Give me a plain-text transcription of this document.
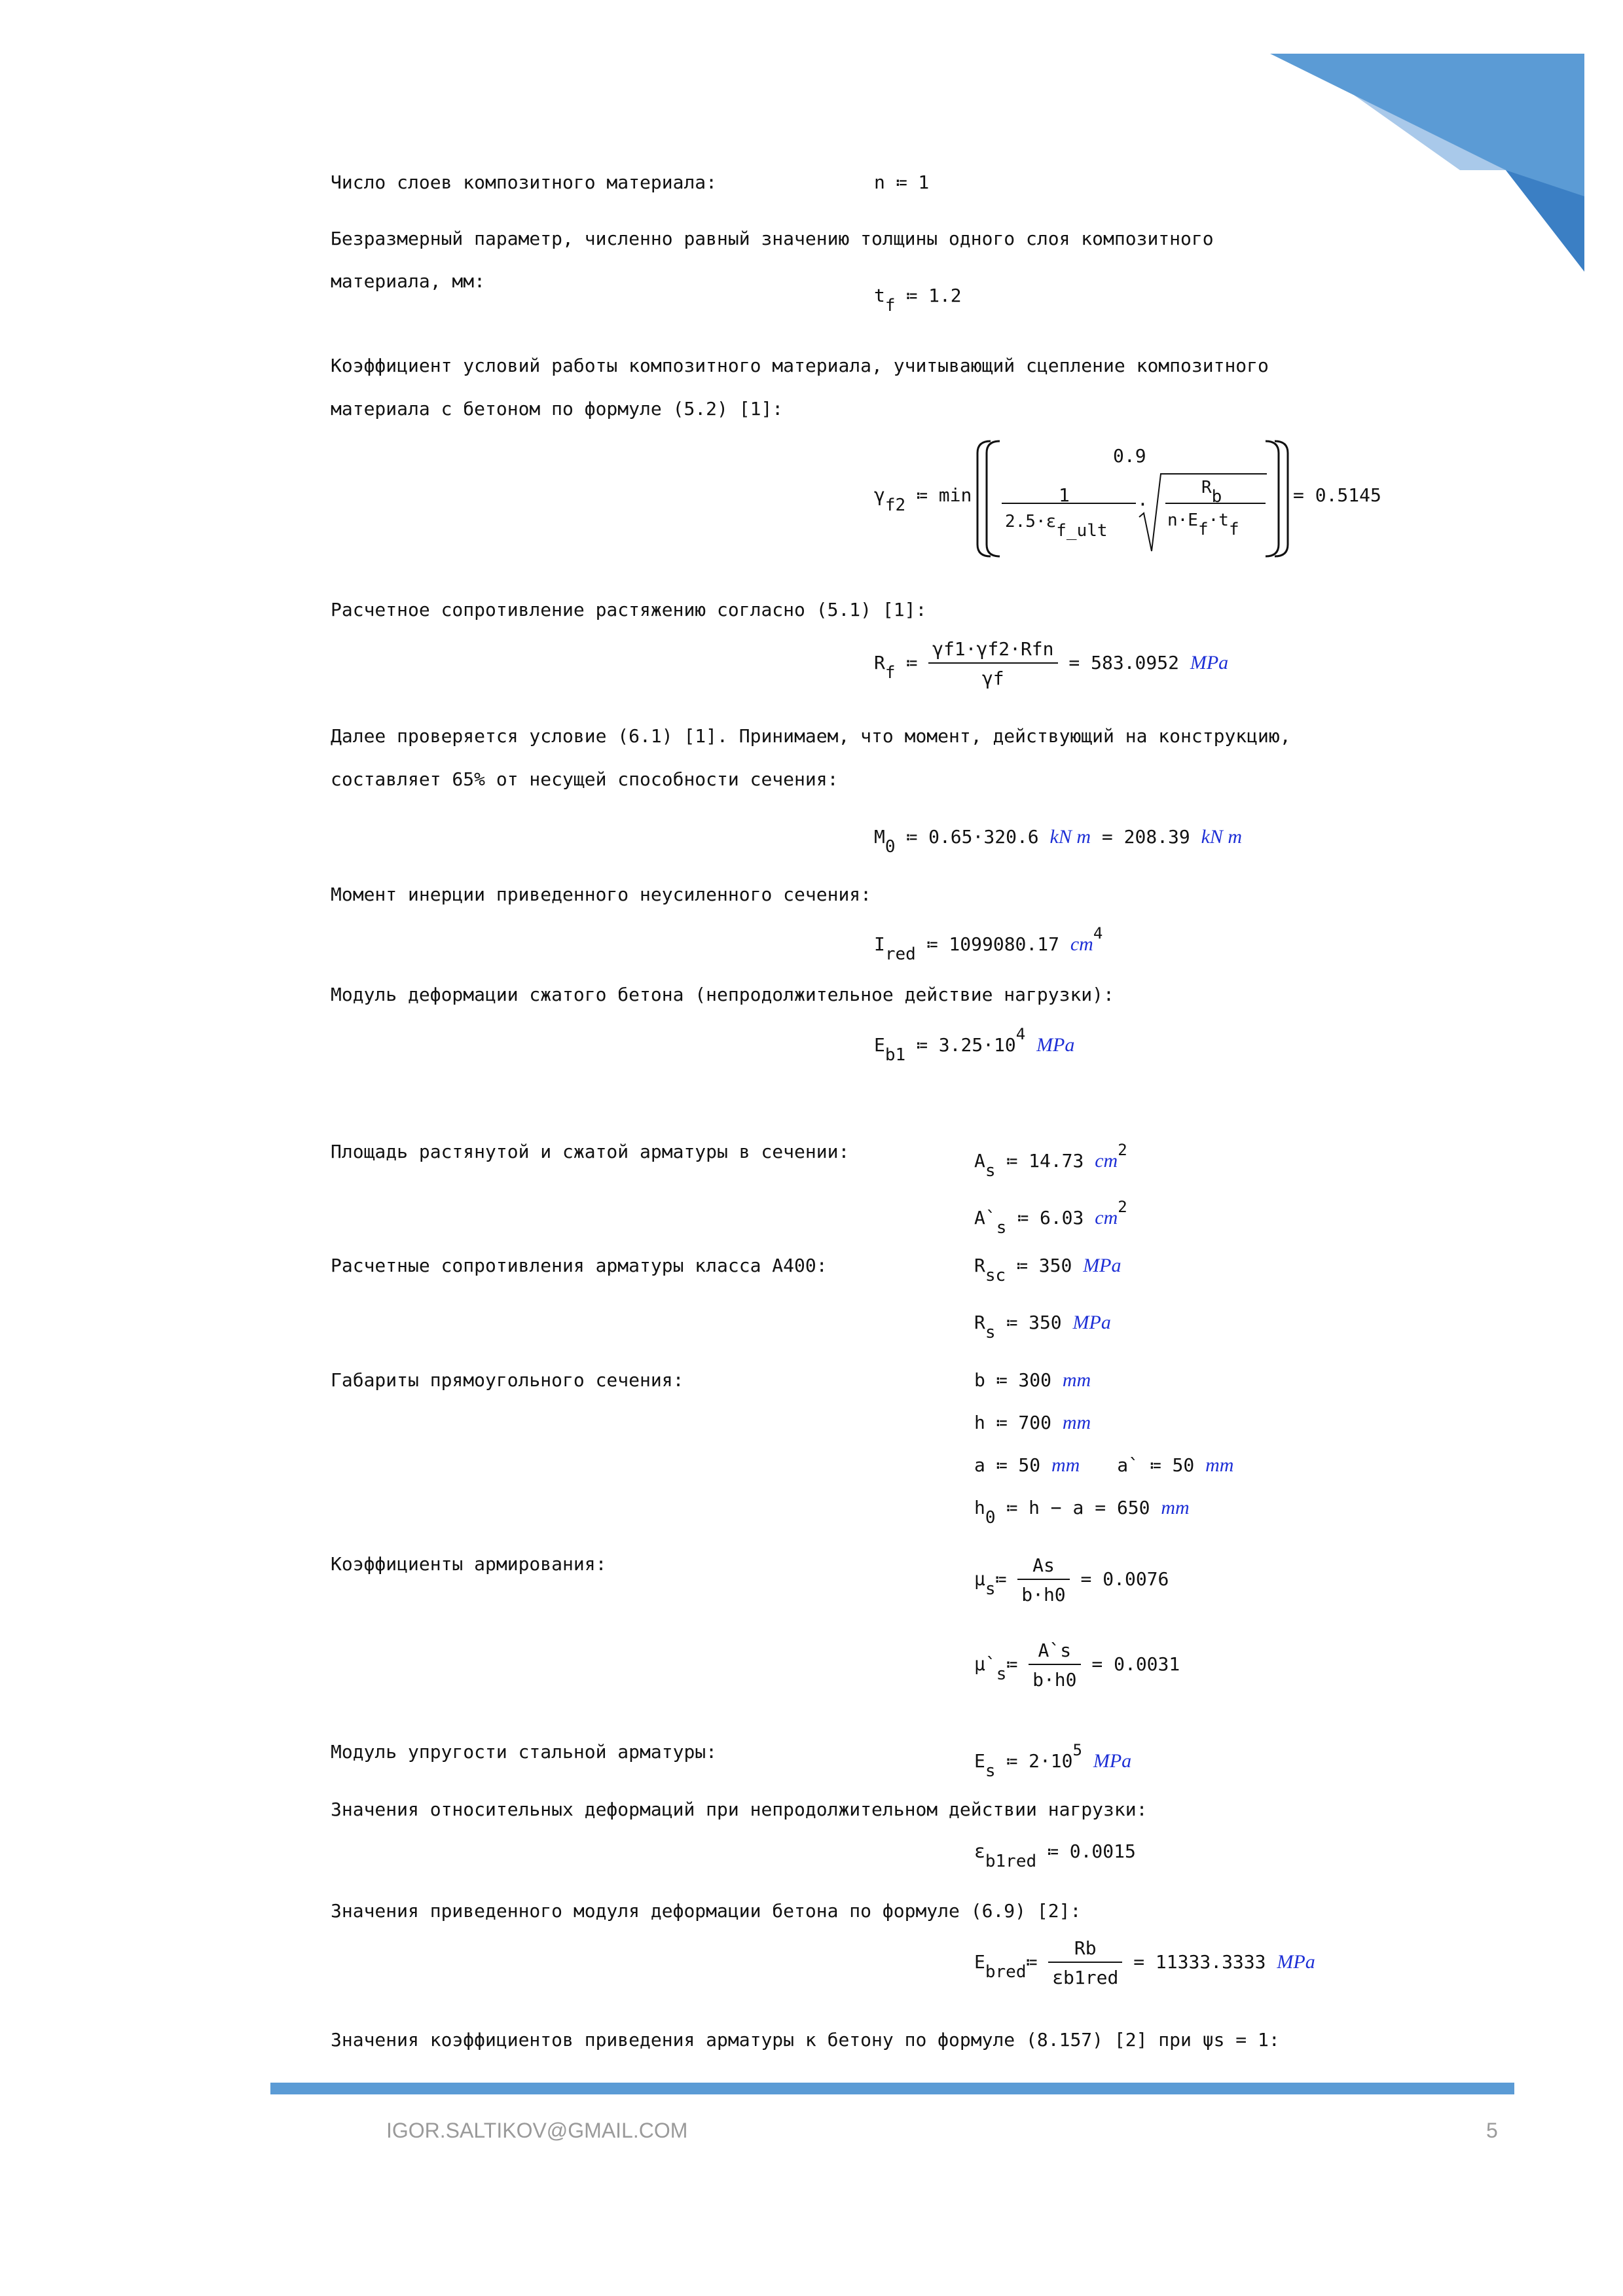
Число слоев композитного материала:	n ≔ 1
Безразмерный параметр, численно равный значению толщины одного слоя композитного
материала, мм:
$t_f$ ≔ 1.2
Коэффициент условий работы композитного материала, учитывающий сцепление композитного
материала с бетоном по формуле (5.2) [1]:
$\gamma_{f2}$ ≔ min
0.9
1
$2.5\cdot\varepsilon_{f\_ult}$
·
$R_b$
$n\cdot E_f\cdot t_f$
= 0.5145
Расчетное сопротивление растяжению согласно (5.1) [1]:
$R_f$ ≔ $\frac{\text{γf1·γf2·Rfn}}{\gamma f} = 583.0952$ MPa
Далее проверяется условие (6.1) [1]. Принимаем, что момент, действующий на конструкцию,
составляет 65% от несущей способности сечения:
$M_0$ ≔ 0.65·320.6 kN m = 208.39 kN m
Момент инерции приведенного неусиленного сечения:
$I_{red}$ ≔ 1099080.17 $cm^4$
Модуль деформации сжатого бетона (непродолжительное действие нагрузки):
$E_{b1}$ ≔ $3.25\cdot 10^4$ MPa
Площадь растянутой и сжатой арматуры в сечении:	$A_s$ ≔ 14.73 $cm^2$
$A`_s$ ≔ 6.03 $cm^2$
Расчетные сопротивления арматуры класса А400:	$R_{sc}$ ≔ 350 MPa
$R_s$ ≔ 350 MPa
Габариты прямоугольного сечения:	b ≔ 300 mm
h ≔ 700 mm
a ≔ 50 mm a` ≔ 50 mm
$h_0$ ≔ h − a = 650 mm
Коэффициенты армирования:
$\mu_s≔ \frac{As}{b\cdot h0} = 0.0076$
$\mu`_s≔ \frac{A`s}{b\cdot h0} = 0.0031$
Модуль упругости стальной арматуры:	$E_s$ ≔ $2\cdot 10^5$ MPa
Значения относительных деформаций при непродолжительном действии нагрузки:
$\varepsilon_{b1red}$ ≔ 0.0015
Значения приведенного модуля деформации бетона по формуле (6.9) [2]:
$E_{bred}≔ \frac{Rb}{\text{εb1red}} = 11333.3333$ MPa
Значения коэффициентов приведения арматуры к бетону по формуле (8.157) [2] при ψs = 1:
IGOR.SALTIKOV@GMAIL.COM	5
